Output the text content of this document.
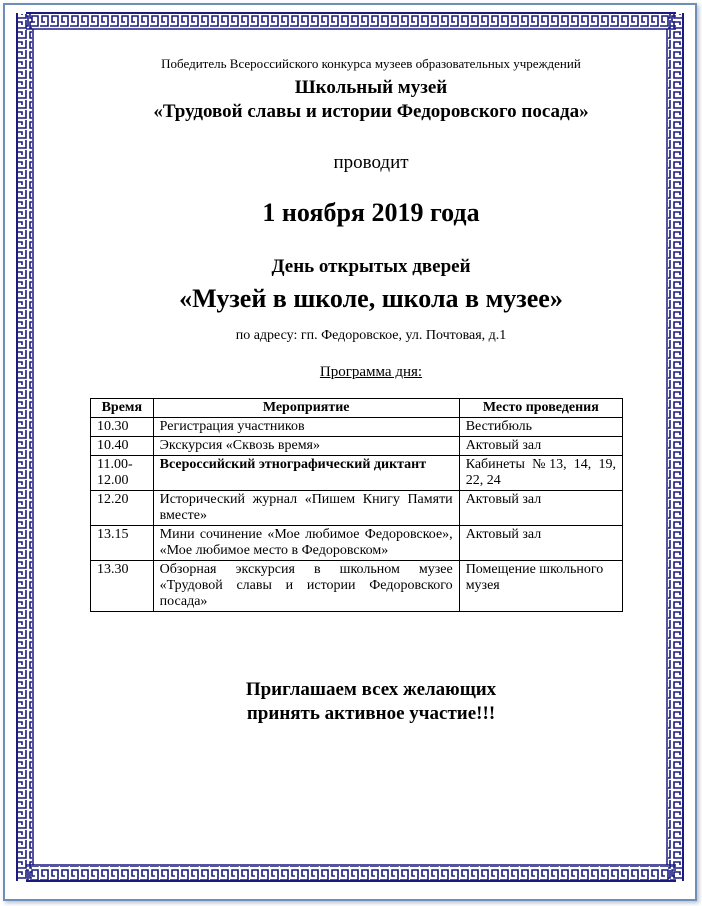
Победитель Всероссийского конкурса музеев образовательных учреждений
Школьный музей
«Трудовой славы и истории Федоровского посада»
проводит
1 ноября 2019 года
День открытых дверей
«Музей в школе, школа в музее»
по адресу: гп. Федоровское, ул. Почтовая, д.1
Программа дня:
Время	Мероприятие	Место проведения
10.30	Регистрация участников	Вестибюль
10.40	Экскурсия «Сквозь время»	Актовый зал
11.00-12.00	Всероссийский этнографический диктант	Кабинеты №13, 14, 19, 22, 24
12.20	Исторический журнал «Пишем Книгу Памяти вместе»	Актовый зал
13.15	Мини сочинение «Мое любимое Федоровское», «Мое любимое место в Федоровском»	Актовый зал
13.30	Обзорная экскурсия в школьном музее «Трудовой славы и истории Федоровского посада»	Помещение школьного музея
Приглашаем всех желающих
принять активное участие!!!
